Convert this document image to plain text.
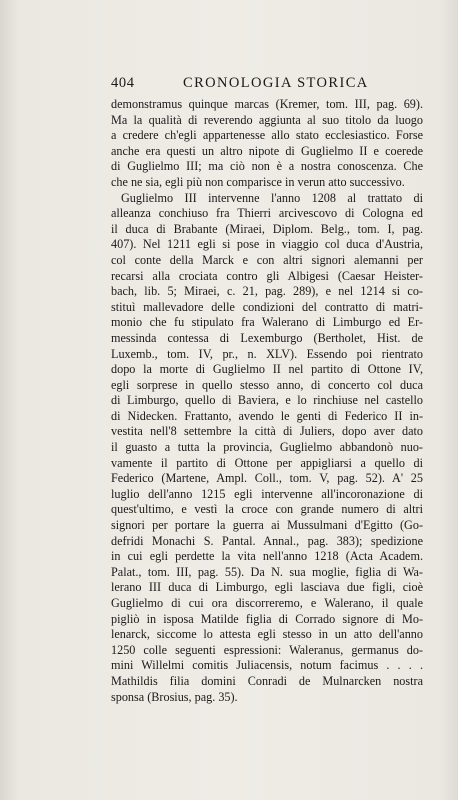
404	CRONOLOGIA STORICA
demonstramus quinque marcas (Kremer, tom. III, pag. 69).
Ma la qualità di reverendo aggiunta al suo titolo da luogo
a credere ch'egli appartenesse allo stato ecclesiastico. Forse
anche era questi un altro nipote di Guglielmo II e coerede
di Guglielmo III; ma ciò non è a nostra conoscenza. Che
che ne sia, egli più non comparisce in verun atto successivo.
Guglielmo III intervenne l'anno 1208 al trattato di
alleanza conchiuso fra Thierri arcivescovo di Cologna ed
il duca di Brabante (Miraei, Diplom. Belg., tom. I, pag.
407). Nel 1211 egli si pose in viaggio col duca d'Austria,
col conte della Marck e con altri signori alemanni per
recarsi alla crociata contro gli Albigesi (Caesar Heister-
bach, lib. 5; Miraei, c. 21, pag. 289), e nel 1214 si co-
stituì mallevadore delle condizioni del contratto di matri-
monio che fu stipulato fra Walerano di Limburgo ed Er-
messinda contessa di Lexemburgo (Bertholet, Hist. de
Luxemb., tom. IV, pr., n. XLV). Essendo poi rientrato
dopo la morte di Guglielmo II nel partito di Ottone IV,
egli sorprese in quello stesso anno, di concerto col duca
di Limburgo, quello di Baviera, e lo rinchiuse nel castello
di Nidecken. Frattanto, avendo le genti di Federico II in-
vestita nell'8 settembre la città di Juliers, dopo aver dato
il guasto a tutta la provincia, Guglielmo abbandonò nuo-
vamente il partito di Ottone per appigliarsi a quello di
Federico (Martene, Ampl. Coll., tom. V, pag. 52). A' 25
luglio dell'anno 1215 egli intervenne all'incoronazione di
quest'ultimo, e vestì la croce con grande numero di altri
signori per portare la guerra ai Mussulmani d'Egitto (Go-
defridi Monachi S. Pantal. Annal., pag. 383); spedizione
in cui egli perdette la vita nell'anno 1218 (Acta Academ.
Palat., tom. III, pag. 55). Da N. sua moglie, figlia di Wa-
lerano III duca di Limburgo, egli lasciava due figli, cioè
Guglielmo di cui ora discorreremo, e Walerano, il quale
pigliò in isposa Matilde figlia di Corrado signore di Mo-
lenarck, siccome lo attesta egli stesso in un atto dell'anno
1250 colle seguenti espressioni: Waleranus, germanus do-
mini Willelmi comitis Juliacensis, notum facimus . . . .
Mathildis filia domini Conradi de Mulnarcken nostra
sponsa (Brosius, pag. 35).
